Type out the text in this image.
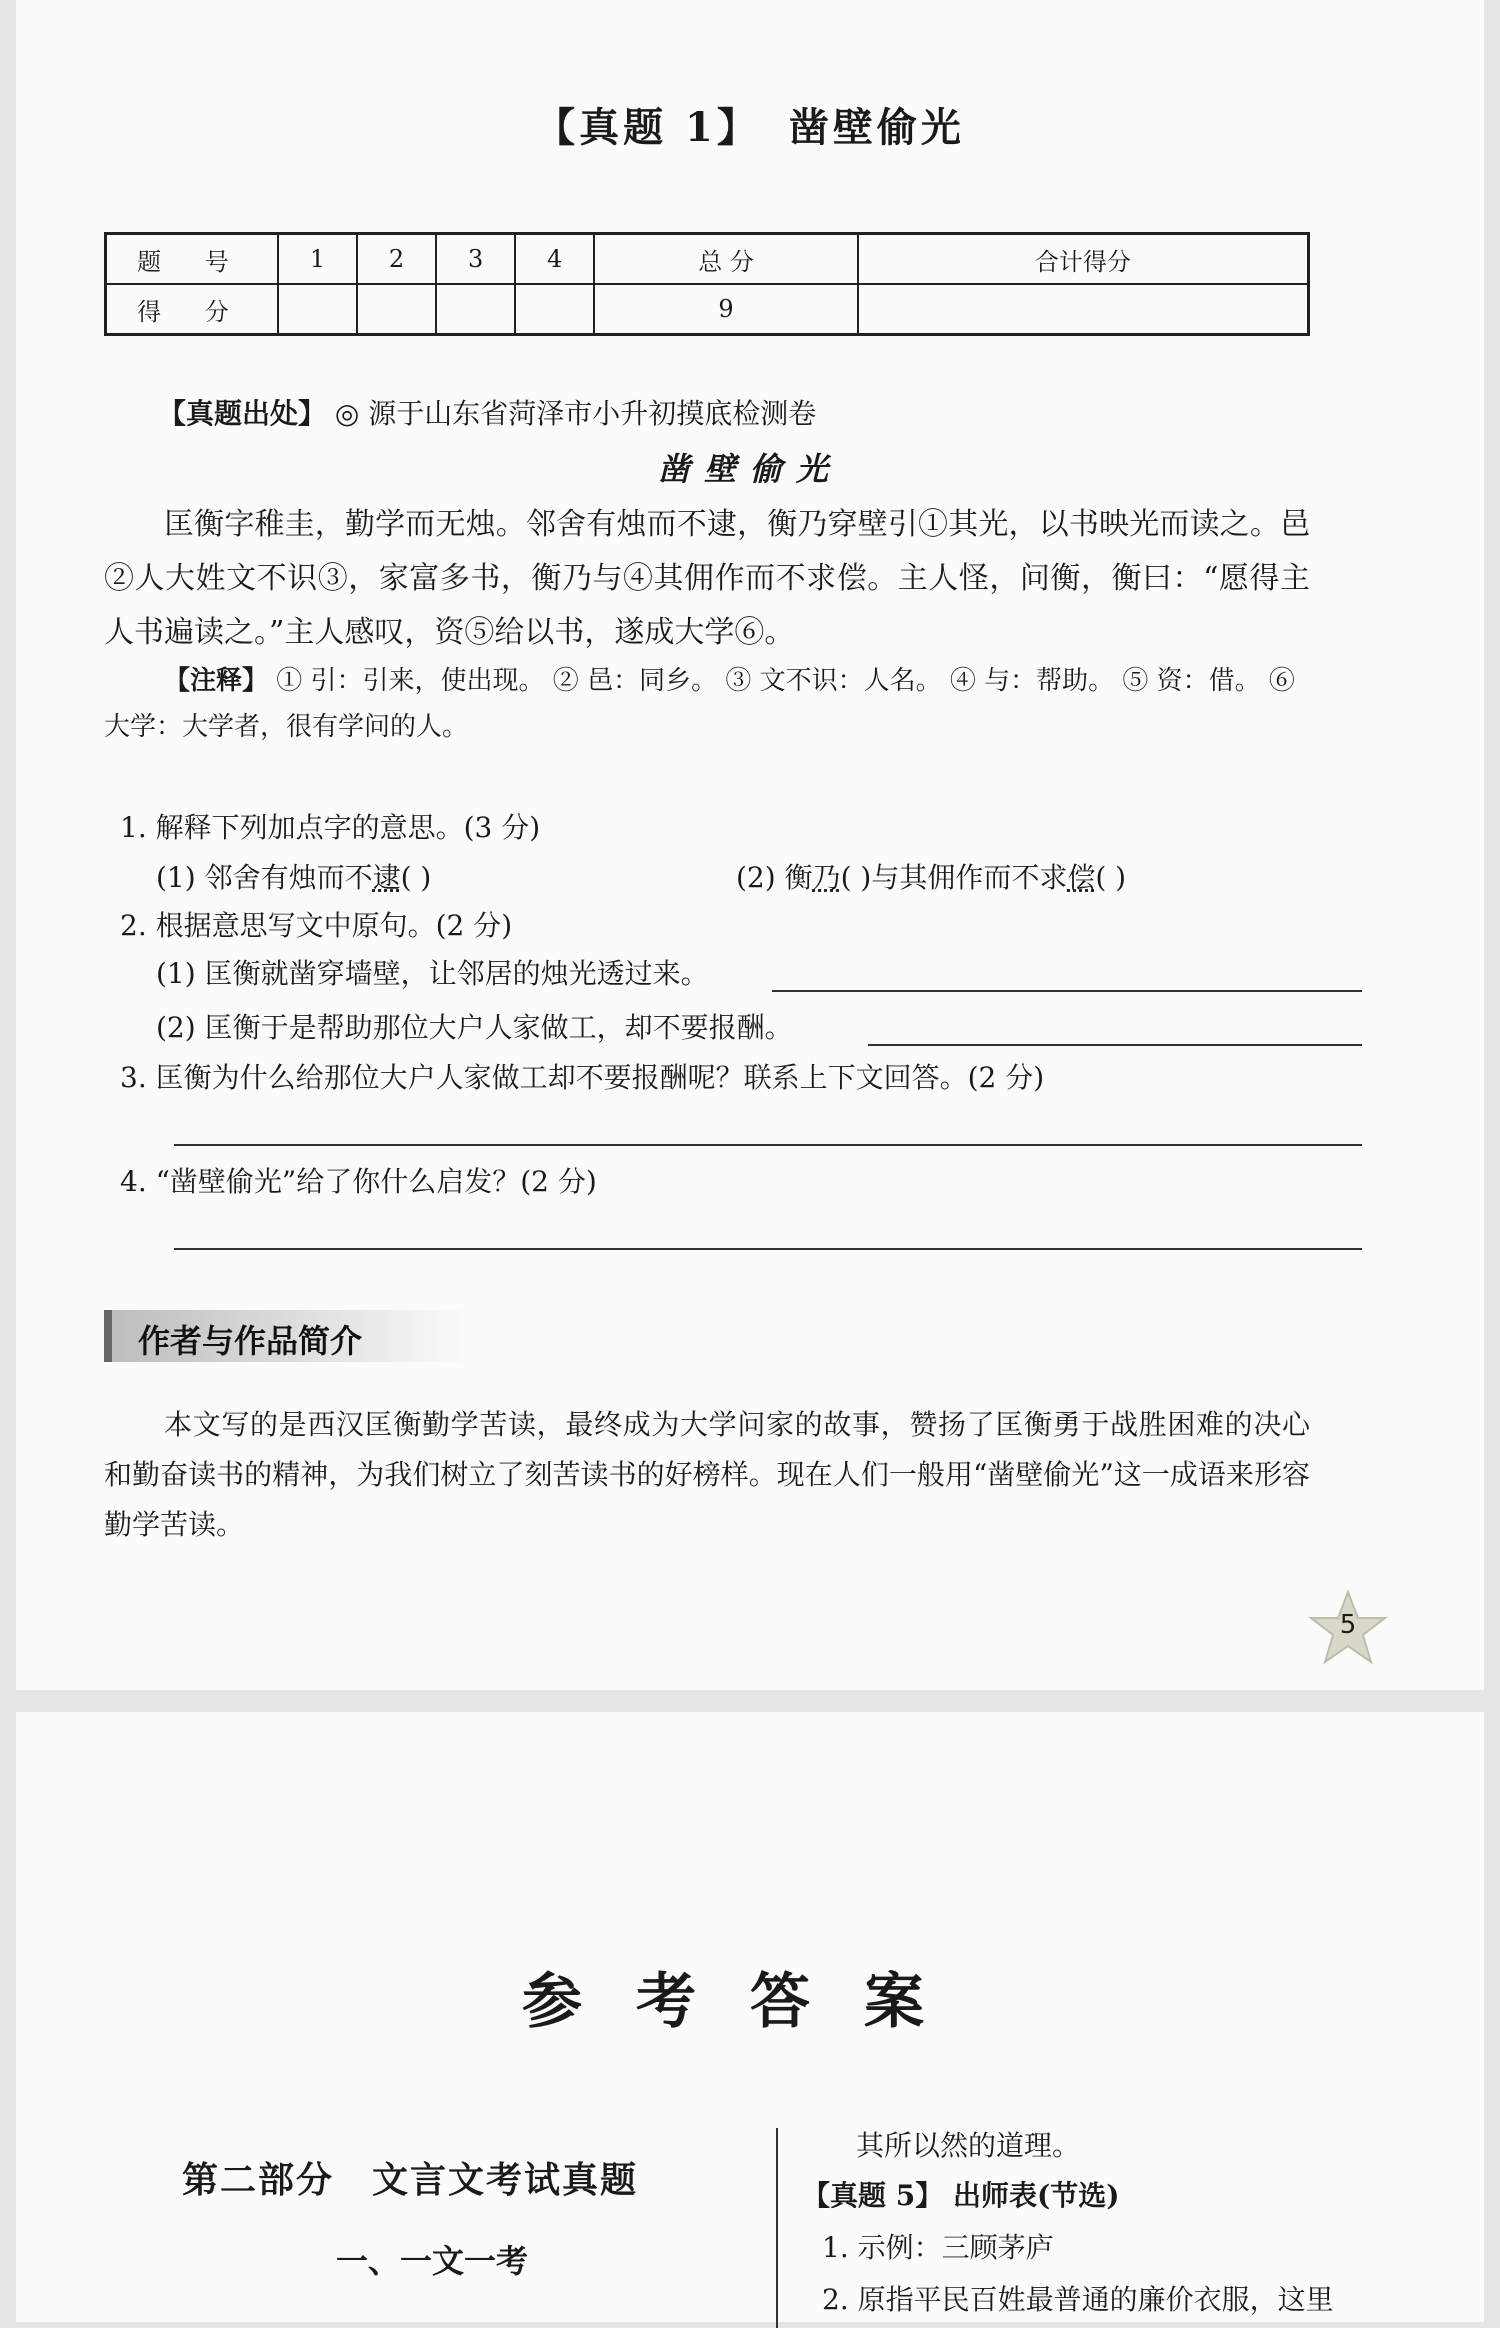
【真题 1】 凿壁偷光
题 号	1	2	3	4	总 分	合计得分
得 分					9	
【真题出处】 ◎ 源于山东省菏泽市小升初摸底检测卷
凿壁偷光
匡衡字稚圭，勤学而无烛。邻舍有烛而不逮，衡乃穿壁引①其光，以书映光而读之。邑②人大姓文不识③，家富多书，衡乃与④其佣作而不求偿。主人怪，问衡，衡曰：“愿得主人书遍读之。”主人感叹，资⑤给以书，遂成大学⑥。
【注释】 ① 引：引来，使出现。 ② 邑：同乡。 ③ 文不识：人名。 ④ 与：帮助。 ⑤ 资：借。 ⑥ 大学：大学者，很有学问的人。
1. 解释下列加点字的意思。(3 分)
(1) 邻舍有烛而不逮( )	(2) 衡乃( )与其佣作而不求偿( )
2. 根据意思写文中原句。(2 分)
(1) 匡衡就凿穿墙壁，让邻居的烛光透过来。
(2) 匡衡于是帮助那位大户人家做工，却不要报酬。
3. 匡衡为什么给那位大户人家做工却不要报酬呢？联系上下文回答。(2 分)
4. “凿壁偷光”给了你什么启发？(2 分)
作者与作品简介
本文写的是西汉匡衡勤学苦读，最终成为大学问家的故事，赞扬了匡衡勇于战胜困难的决心和勤奋读书的精神，为我们树立了刻苦读书的好榜样。现在人们一般用“凿壁偷光”这一成语来形容勤学苦读。
5
参考答案
第二部分　文言文考试真题
一、一文一考
其所以然的道理。
【真题 5】 出师表(节选)
1. 示例：三顾茅庐
2. 原指平民百姓最普通的廉价衣服，这里
